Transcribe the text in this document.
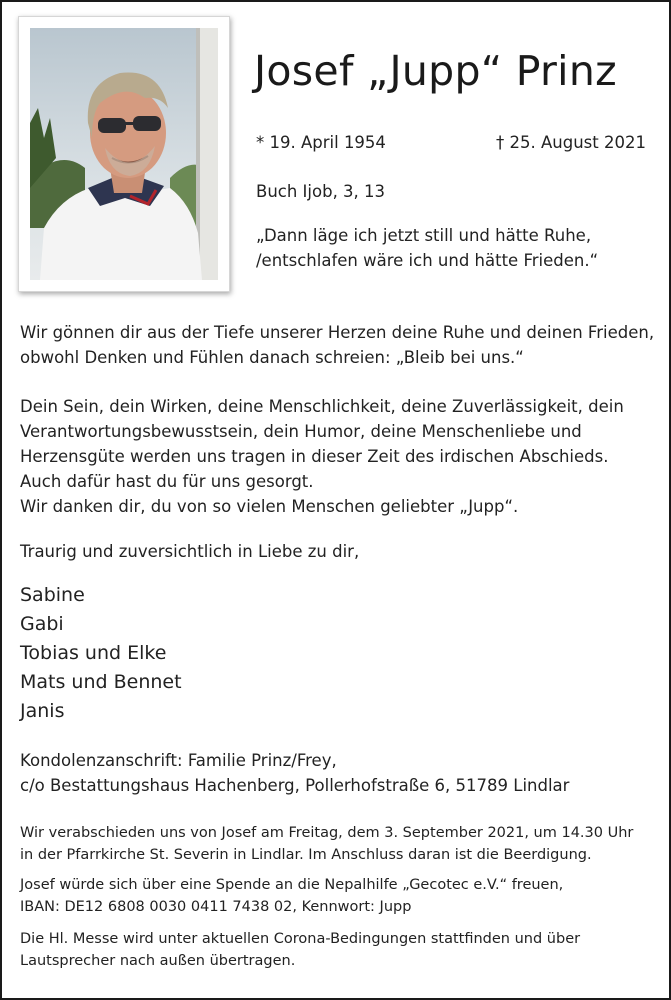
Josef „Jupp“ Prinz
* 19. April 1954	† 25. August 2021
Buch Ijob, 3, 13
„Dann läge ich jetzt still und hätte Ruhe,
/entschlafen wäre ich und hätte Frieden.“
Wir gönnen dir aus der Tiefe unserer Herzen deine Ruhe und deinen Frieden,
obwohl Denken und Fühlen danach schreien: „Bleib bei uns.“
Dein Sein, dein Wirken, deine Menschlichkeit, deine Zuverlässigkeit, dein
Verantwortungsbewusstsein, dein Humor, deine Menschenliebe und
Herzensgüte werden uns tragen in dieser Zeit des irdischen Abschieds.
Auch dafür hast du für uns gesorgt.
Wir danken dir, du von so vielen Menschen geliebter „Jupp“.
Traurig und zuversichtlich in Liebe zu dir,
Sabine
Gabi
Tobias und Elke
Mats und Bennet
Janis
Kondolenzanschrift: Familie Prinz/Frey,
c/o Bestattungshaus Hachenberg, Pollerhofstraße 6, 51789 Lindlar
Wir verabschieden uns von Josef am Freitag, dem 3. September 2021, um 14.30 Uhr
in der Pfarrkirche St. Severin in Lindlar. Im Anschluss daran ist die Beerdigung.
Josef würde sich über eine Spende an die Nepalhilfe „Gecotec e.V.“ freuen,
IBAN: DE12 6808 0030 0411 7438 02, Kennwort: Jupp
Die Hl. Messe wird unter aktuellen Corona-Bedingungen stattfinden und über
Lautsprecher nach außen übertragen.
